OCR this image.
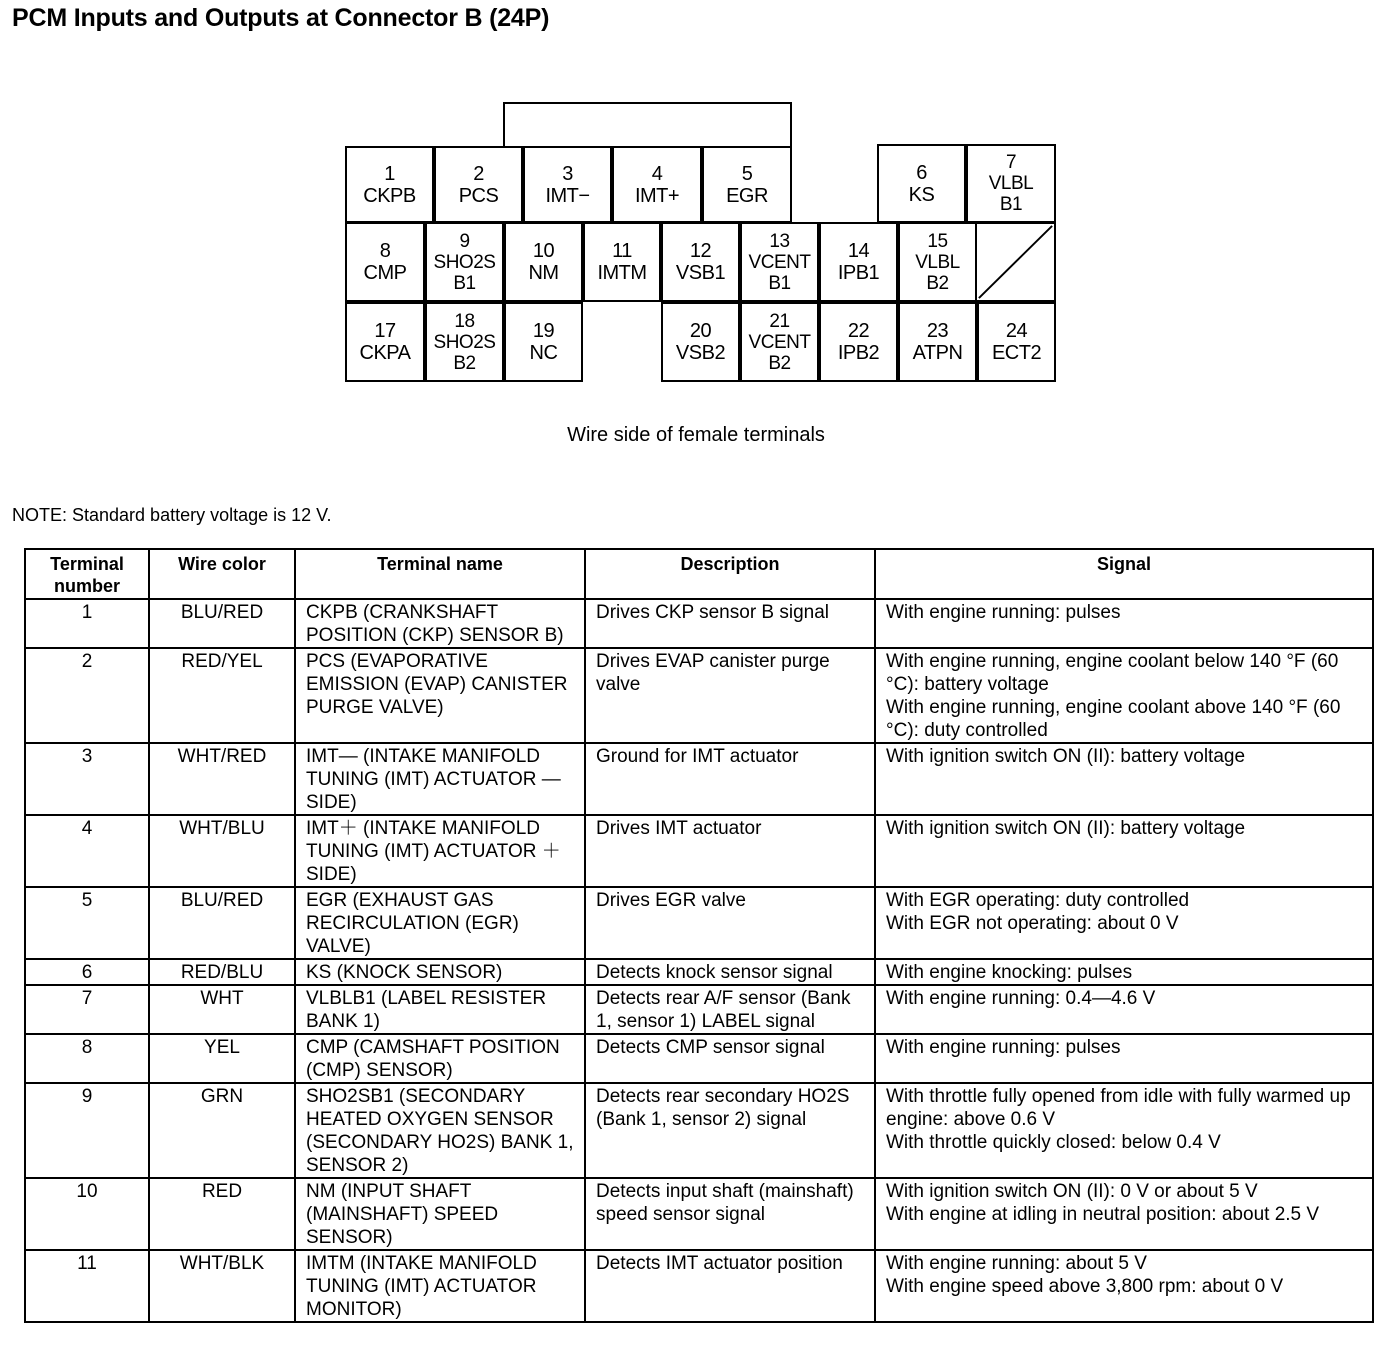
PCM Inputs and Outputs at Connector B (24P)
1
CKPB
2
PCS
3
IMT−
4
IMT+
5
EGR
6
KS
7
VLBL
B1
8
CMP
9
SHO2S
B1
10
NM
11
IMTM
12
VSB1
13
VCENT
B1
14
IPB1
15
VLBL
B2
17
CKPA
18
SHO2S
B2
19
NC
20
VSB2
21
VCENT
B2
22
IPB2
23
ATPN
24
ECT2
Wire side of female terminals
NOTE: Standard battery voltage is 12 V.
Terminal number	Wire color	Terminal name	Description	Signal
1	BLU/RED	CKPB (CRANKSHAFT POSITION (CKP) SENSOR B)	Drives CKP sensor B signal	With engine running: pulses
2	RED/YEL	PCS (EVAPORATIVE EMISSION (EVAP) CANISTER PURGE VALVE)	Drives EVAP canister purge valve	With engine running, engine coolant below 140 °F (60 °C): battery voltage
With engine running, engine coolant above 140 °F (60 °C): duty controlled
3	WHT/RED	IMT— (INTAKE MANIFOLD TUNING (IMT) ACTUATOR —SIDE)	Ground for IMT actuator	With ignition switch ON (II): battery voltage
4	WHT/BLU	IMT＋ (INTAKE MANIFOLD TUNING (IMT) ACTUATOR ＋SIDE)	Drives IMT actuator	With ignition switch ON (II): battery voltage
5	BLU/RED	EGR (EXHAUST GAS RECIRCULATION (EGR) VALVE)	Drives EGR valve	With EGR operating: duty controlled
With EGR not operating: about 0 V
6	RED/BLU	KS (KNOCK SENSOR)	Detects knock sensor signal	With engine knocking: pulses
7	WHT	VLBLB1 (LABEL RESISTER BANK 1)	Detects rear A/F sensor (Bank 1, sensor 1) LABEL signal	With engine running: 0.4—4.6 V
8	YEL	CMP (CAMSHAFT POSITION (CMP) SENSOR)	Detects CMP sensor signal	With engine running: pulses
9	GRN	SHO2SB1 (SECONDARY HEATED OXYGEN SENSOR (SECONDARY HO2S) BANK 1, SENSOR 2)	Detects rear secondary HO2S (Bank 1, sensor 2) signal	With throttle fully opened from idle with fully warmed up engine: above 0.6 V
With throttle quickly closed: below 0.4 V
10	RED	NM (INPUT SHAFT (MAINSHAFT) SPEED SENSOR)	Detects input shaft (mainshaft) speed sensor signal	With ignition switch ON (II): 0 V or about 5 V
With engine at idling in neutral position: about 2.5 V
11	WHT/BLK	IMTM (INTAKE MANIFOLD TUNING (IMT) ACTUATOR MONITOR)	Detects IMT actuator position	With engine running: about 5 V
With engine speed above 3,800 rpm: about 0 V
